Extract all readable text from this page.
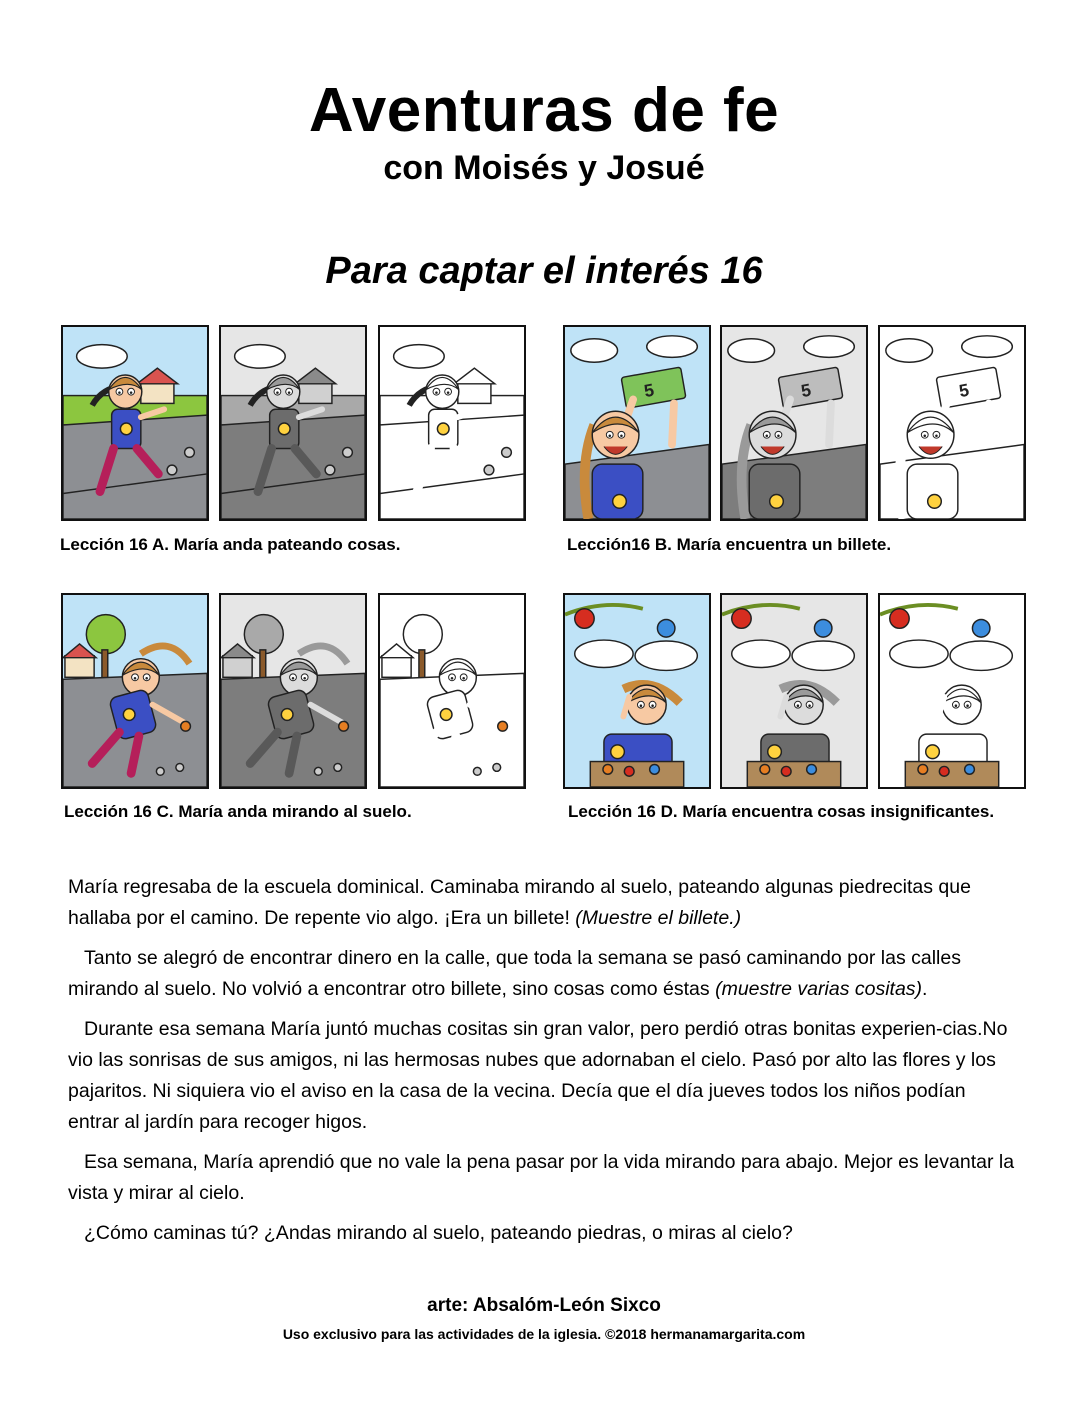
Aventuras de fe
con Moisés y Josué
Para captar el interés 16
5	5	5
Lección 16 A. María anda pateando cosas.	Lección16 B. María encuentra un billete.
Lección 16 C. María anda mirando al suelo.	Lección 16 D. María encuentra cosas insignificantes.

María regresaba de la escuela dominical. Caminaba mirando al suelo, pateando algunas piedrecitas que hallaba por el camino. De repente vio algo. ¡Era un billete! (Muestre el billete.)

Tanto se alegró de encontrar dinero en la calle, que toda la semana se pasó caminando por las calles mirando al suelo. No volvió a encontrar otro billete, sino cosas como éstas (muestre varias cositas).

Durante esa semana María juntó muchas cositas sin gran valor, pero perdió otras bonitas experien-cias.No vio las sonrisas de sus amigos, ni las hermosas nubes que adornaban el cielo. Pasó por alto las flores y los pajaritos. Ni siquiera vio el aviso en la casa de la vecina. Decía que el día jueves todos los niños podían entrar al jardín para recoger higos.

Esa semana, María aprendió que no vale la pena pasar por la vida mirando para abajo. Mejor es levantar la vista y mirar al cielo.

¿Cómo caminas tú? ¿Andas mirando al suelo, pateando piedras, o miras al cielo?

arte: Absalóm-León Sixco
Uso exclusivo para las actividades de la iglesia. ©2018 hermanamargarita.com
